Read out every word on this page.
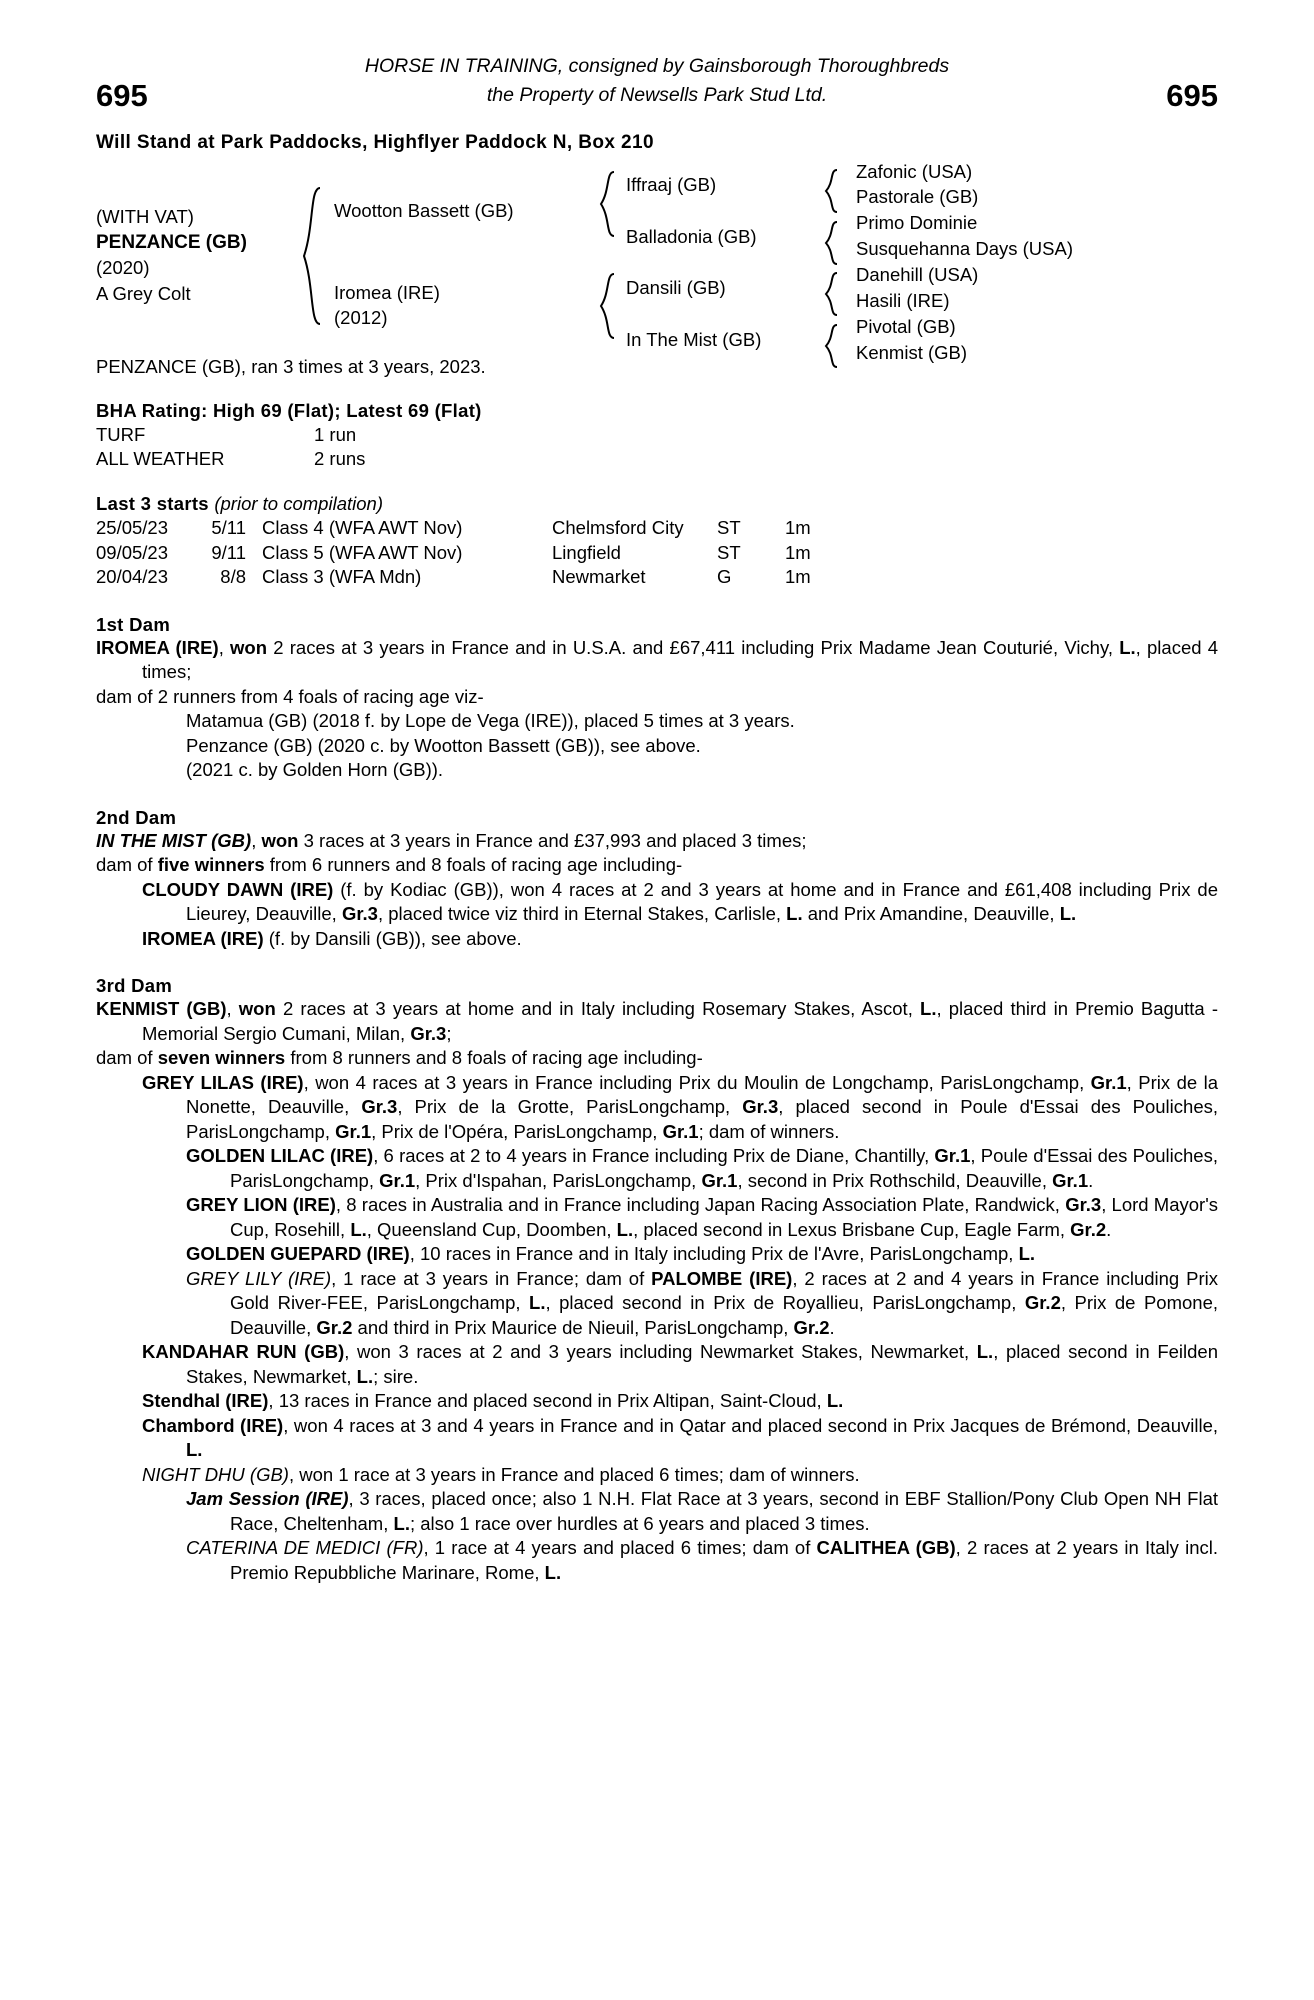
695	695
HORSE IN TRAINING, consigned by Gainsborough Thoroughbreds
the Property of Newsells Park Stud Ltd.
Will Stand at Park Paddocks, Highflyer Paddock N, Box 210
(WITH VAT)
PENZANCE (GB)
(2020)
A Grey Colt
Wootton Bassett (GB)
Iromea (IRE)
(2012)
Iffraaj (GB)
Balladonia (GB)
Dansili (GB)
In The Mist (GB)
Zafonic (USA)
Pastorale (GB)
Primo Dominie
Susquehanna Days (USA)
Danehill (USA)
Hasili (IRE)
Pivotal (GB)
Kenmist (GB)
PENZANCE (GB), ran 3 times at 3 years, 2023.
BHA Rating: High 69 (Flat); Latest 69 (Flat)
TURF	1 run
ALL WEATHER	2 runs
Last 3 starts (prior to compilation)
25/05/23 5/11 Class 4 (WFA AWT Nov)	Chelmsford City ST 1m
09/05/23 9/11 Class 5 (WFA AWT Nov)	Lingfield	ST 1m
20/04/23	8/8 Class 3 (WFA Mdn)	Newmarket	G	1m
1st Dam

IROMEA (IRE), won 2 races at 3 years in France and in U.S.A. and £67,411 including Prix Madame Jean Couturié, Vichy, L., placed 4 times;

dam of 2 runners from 4 foals of racing age viz-

Matamua (GB) (2018 f. by Lope de Vega (IRE)), placed 5 times at 3 years.

Penzance (GB) (2020 c. by Wootton Bassett (GB)), see above.

(2021 c. by Golden Horn (GB)).

2nd Dam

IN THE MIST (GB), won 3 races at 3 years in France and £37,993 and placed 3 times;

dam of five winners from 6 runners and 8 foals of racing age including-

CLOUDY DAWN (IRE) (f. by Kodiac (GB)), won 4 races at 2 and 3 years at home and in France and £61,408 including Prix de Lieurey, Deauville, Gr.3, placed twice viz third in Eternal Stakes, Carlisle, L. and Prix Amandine, Deauville, L.

IROMEA (IRE) (f. by Dansili (GB)), see above.

3rd Dam

KENMIST (GB), won 2 races at 3 years at home and in Italy including Rosemary Stakes, Ascot, L., placed third in Premio Bagutta - Memorial Sergio Cumani, Milan, Gr.3;

dam of seven winners from 8 runners and 8 foals of racing age including-

GREY LILAS (IRE), won 4 races at 3 years in France including Prix du Moulin de Longchamp, ParisLongchamp, Gr.1, Prix de la Nonette, Deauville, Gr.3, Prix de la Grotte, ParisLongchamp, Gr.3, placed second in Poule d'Essai des Pouliches, ParisLongchamp, Gr.1, Prix de l'Opéra, ParisLongchamp, Gr.1; dam of winners.

GOLDEN LILAC (IRE), 6 races at 2 to 4 years in France including Prix de Diane, Chantilly, Gr.1, Poule d'Essai des Pouliches, ParisLongchamp, Gr.1, Prix d'Ispahan, ParisLongchamp, Gr.1, second in Prix Rothschild, Deauville, Gr.1.

GREY LION (IRE), 8 races in Australia and in France including Japan Racing Association Plate, Randwick, Gr.3, Lord Mayor's Cup, Rosehill, L., Queensland Cup, Doomben, L., placed second in Lexus Brisbane Cup, Eagle Farm, Gr.2.

GOLDEN GUEPARD (IRE), 10 races in France and in Italy including Prix de l'Avre, ParisLongchamp, L.

GREY LILY (IRE), 1 race at 3 years in France; dam of PALOMBE (IRE), 2 races at 2 and 4 years in France including Prix Gold River-FEE, ParisLongchamp, L., placed second in Prix de Royallieu, ParisLongchamp, Gr.2, Prix de Pomone, Deauville, Gr.2 and third in Prix Maurice de Nieuil, ParisLongchamp, Gr.2.

KANDAHAR RUN (GB), won 3 races at 2 and 3 years including Newmarket Stakes, Newmarket, L., placed second in Feilden Stakes, Newmarket, L.; sire.

Stendhal (IRE), 13 races in France and placed second in Prix Altipan, Saint-Cloud, L.

Chambord (IRE), won 4 races at 3 and 4 years in France and in Qatar and placed second in Prix Jacques de Brémond, Deauville, L.

NIGHT DHU (GB), won 1 race at 3 years in France and placed 6 times; dam of winners.

Jam Session (IRE), 3 races, placed once; also 1 N.H. Flat Race at 3 years, second in EBF Stallion/Pony Club Open NH Flat Race, Cheltenham, L.; also 1 race over hurdles at 6 years and placed 3 times.

CATERINA DE MEDICI (FR), 1 race at 4 years and placed 6 times; dam of CALITHEA (GB), 2 races at 2 years in Italy incl. Premio Repubbliche Marinare, Rome, L.
